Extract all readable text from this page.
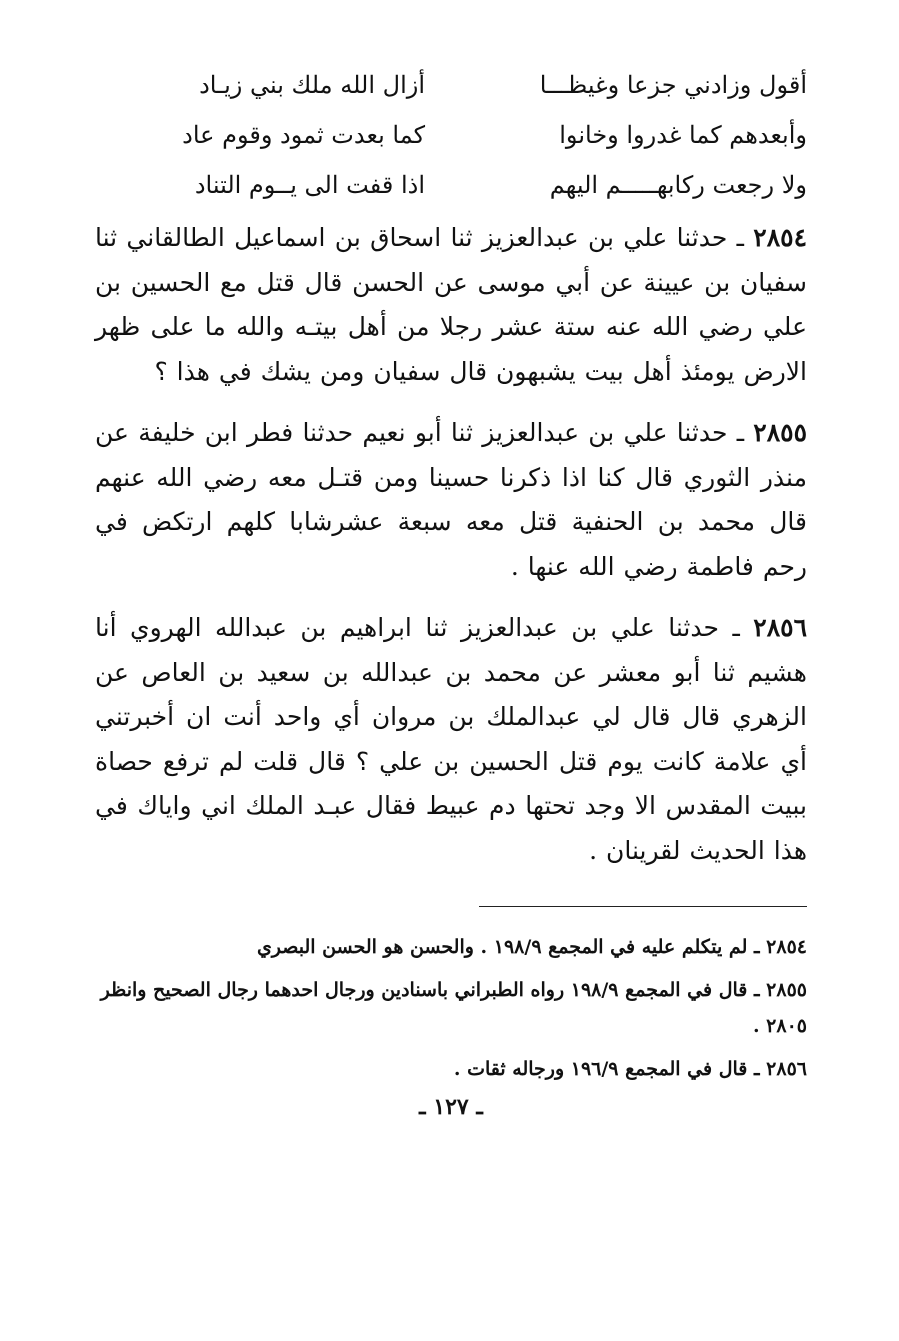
أقول وزادني جزعا وغيظـــا
أزال الله ملك بني زيـاد
وأبعدهم كما غدروا وخانوا
كما بعدت ثمود وقوم عاد
ولا رجعت ركابهـــــم اليهم
اذا قفت الى يــوم التناد

٢٨٥٤ ـ حدثنا علي بن عبدالعزيز ثنا اسحاق بن اسماعيل الطالقاني ثنا سفيان بن عيينة عن أبي موسى عن الحسن قال قتل مع الحسين بن علي رضي الله عنه ستة عشر رجلا من أهل بيتـه والله ما على ظهر الارض يومئذ أهل بيت يشبهون قال سفيان ومن يشك في هذا ؟

٢٨٥٥ ـ حدثنا علي بن عبدالعزيز ثنا أبو نعيم حدثنا فطر ابن خليفة عن منذر الثوري قال كنا اذا ذكرنا حسينا ومن قتـل معه رضي الله عنهم قال محمد بن الحنفية قتل معه سبعة عشرشابا كلهم ارتكض في رحم فاطمة رضي الله عنها .

٢٨٥٦ ـ حدثنا علي بن عبدالعزيز ثنا ابراهيم بن عبدالله الهروي أنا هشيم ثنا أبو معشر عن محمد بن عبدالله بن سعيد بن العاص عن الزهري قال قال لي عبدالملك بن مروان أي واحد أنت ان أخبرتني أي علامة كانت يوم قتل الحسين بن علي ؟ قال قلت لم ترفع حصاة ببيت المقدس الا وجد تحتها دم عبيط فقال عبـد الملك اني واياك في هذا الحديث لقرينان .

٢٨٥٤ ـ لم يتكلم عليه في المجمع ١٩٨/٩ . والحسن هو الحسن البصري

٢٨٥٥ ـ قال في المجمع ١٩٨/٩ رواه الطبراني باسنادين ورجال احدهما رجال الصحيح وانظر ٢٨٠٥ .

٢٨٥٦ ـ قال في المجمع ١٩٦/٩ ورجاله ثقات .

ـ ١٢٧ ـ
